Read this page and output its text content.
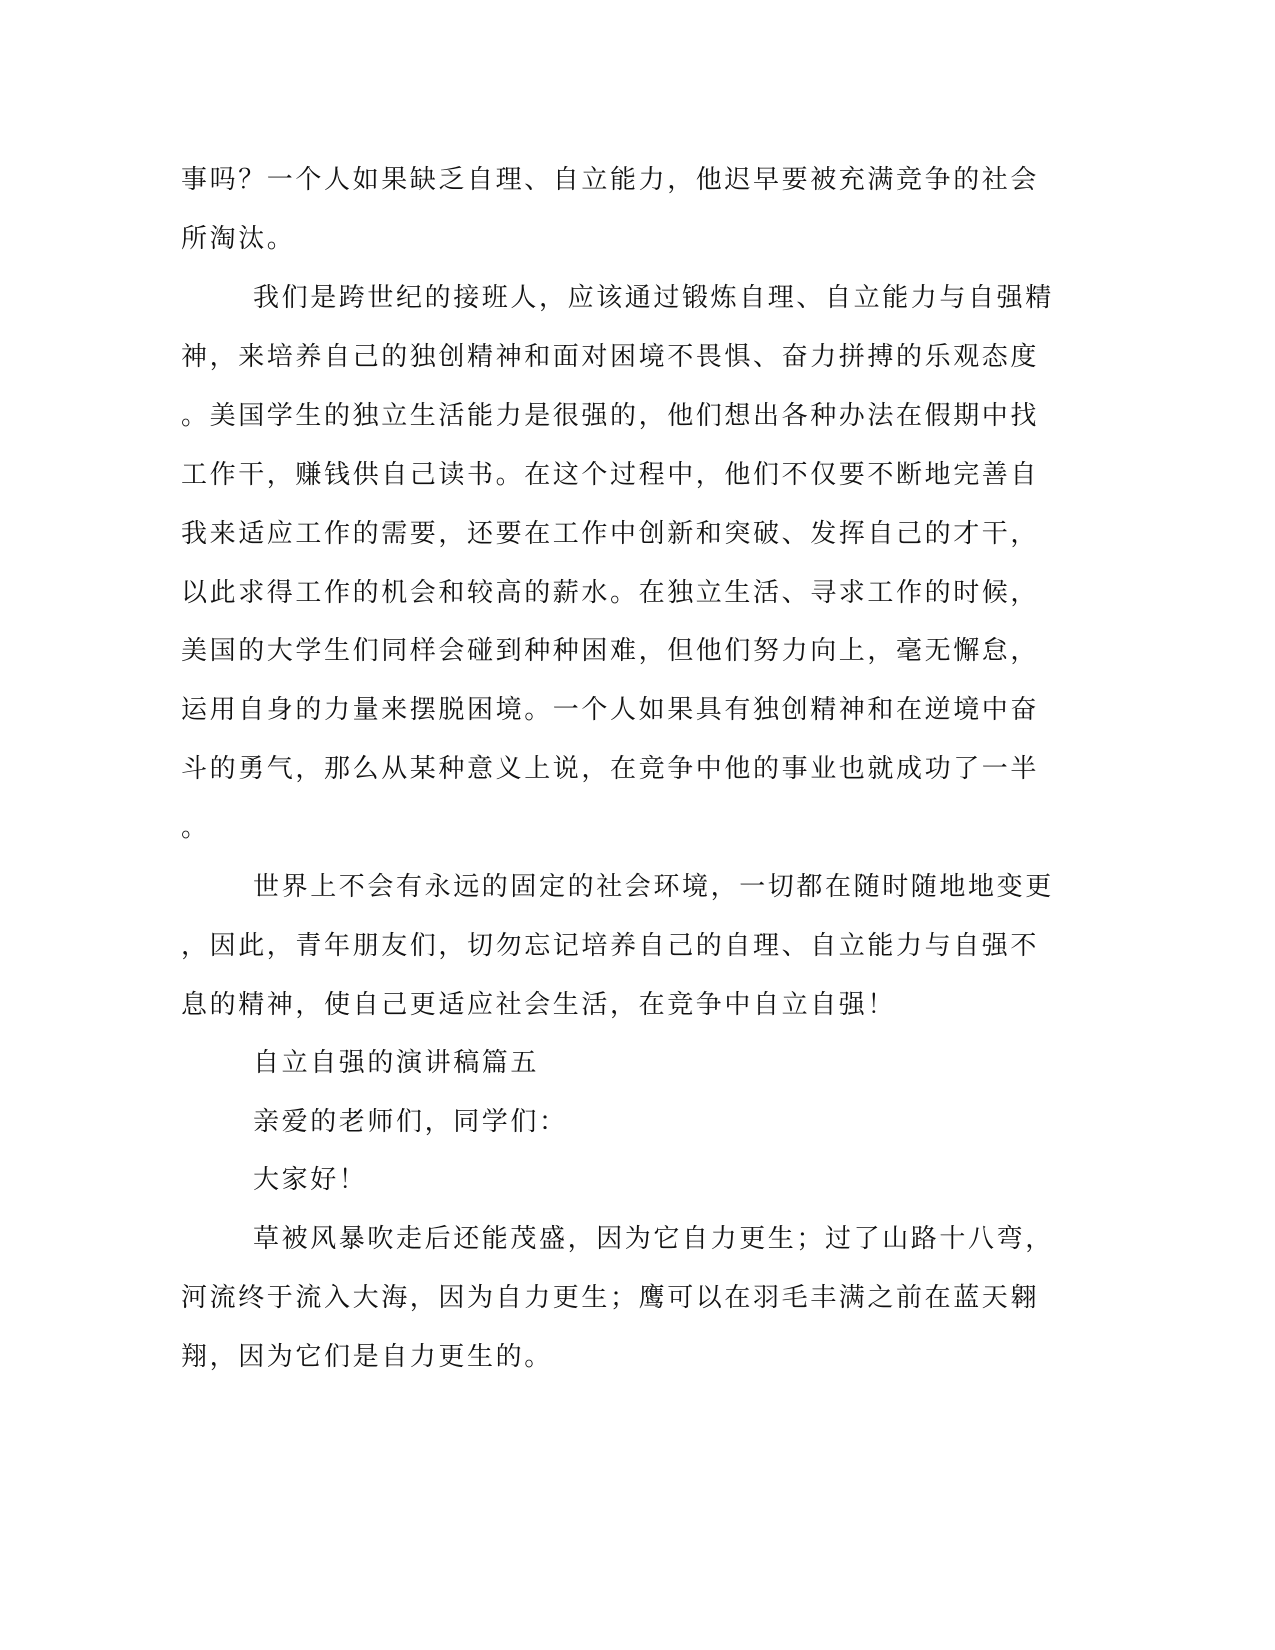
事吗？一个人如果缺乏自理、自立能力，他迟早要被充满竞争的社会
所淘汰。
我们是跨世纪的接班人，应该通过锻炼自理、自立能力与自强精
神，来培养自己的独创精神和面对困境不畏惧、奋力拼搏的乐观态度
。美国学生的独立生活能力是很强的，他们想出各种办法在假期中找
工作干，赚钱供自己读书。在这个过程中，他们不仅要不断地完善自
我来适应工作的需要，还要在工作中创新和突破、发挥自己的才干，
以此求得工作的机会和较高的薪水。在独立生活、寻求工作的时候，
美国的大学生们同样会碰到种种困难，但他们努力向上，毫无懈怠，
运用自身的力量来摆脱困境。一个人如果具有独创精神和在逆境中奋
斗的勇气，那么从某种意义上说，在竞争中他的事业也就成功了一半
。
世界上不会有永远的固定的社会环境，一切都在随时随地地变更
，因此，青年朋友们，切勿忘记培养自己的自理、自立能力与自强不
息的精神，使自己更适应社会生活，在竞争中自立自强！
自立自强的演讲稿篇五
亲爱的老师们，同学们：
大家好！
草被风暴吹走后还能茂盛，因为它自力更生；过了山路十八弯，
河流终于流入大海，因为自力更生；鹰可以在羽毛丰满之前在蓝天翱
翔，因为它们是自力更生的。
